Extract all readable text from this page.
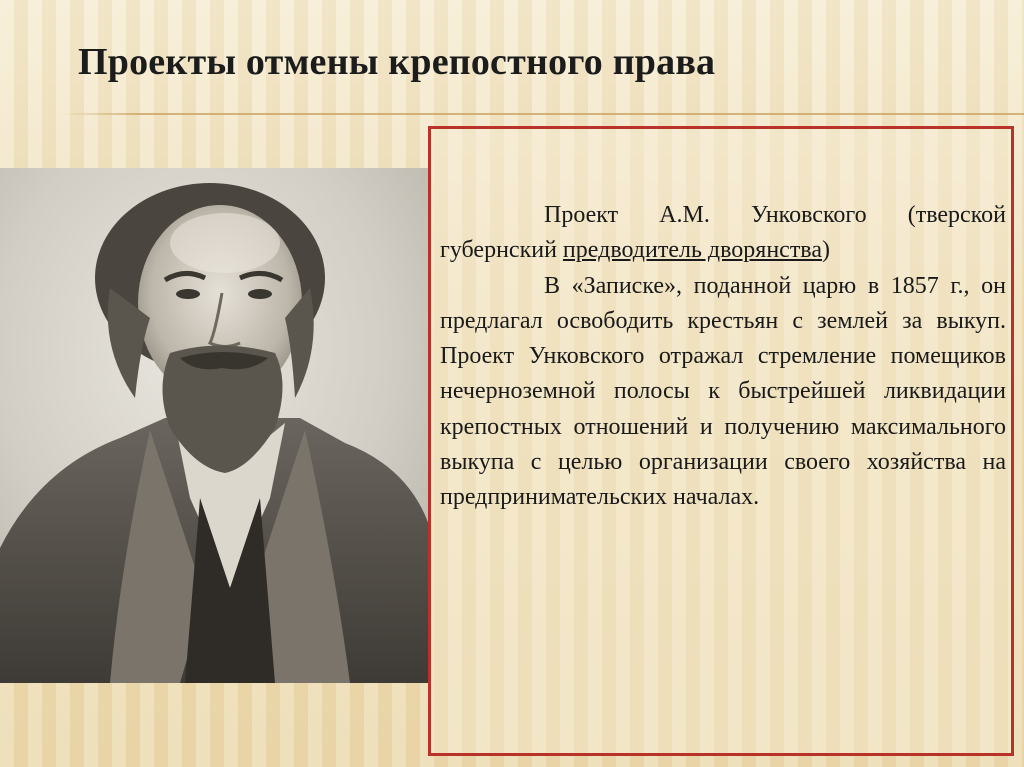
Проекты отмены крепостного права

Проект А.М. Унковского (тверской губернский предводитель дворянства)

В «Записке», поданной царю в 1857 г., он предлагал освободить крестьян с землей за выкуп. Проект Унковского отражал стремление помещиков нечерноземной полосы к быстрейшей ликвидации крепостных отношений и получению максимального выкупа с целью организации своего хозяйства на предпринимательских началах.
